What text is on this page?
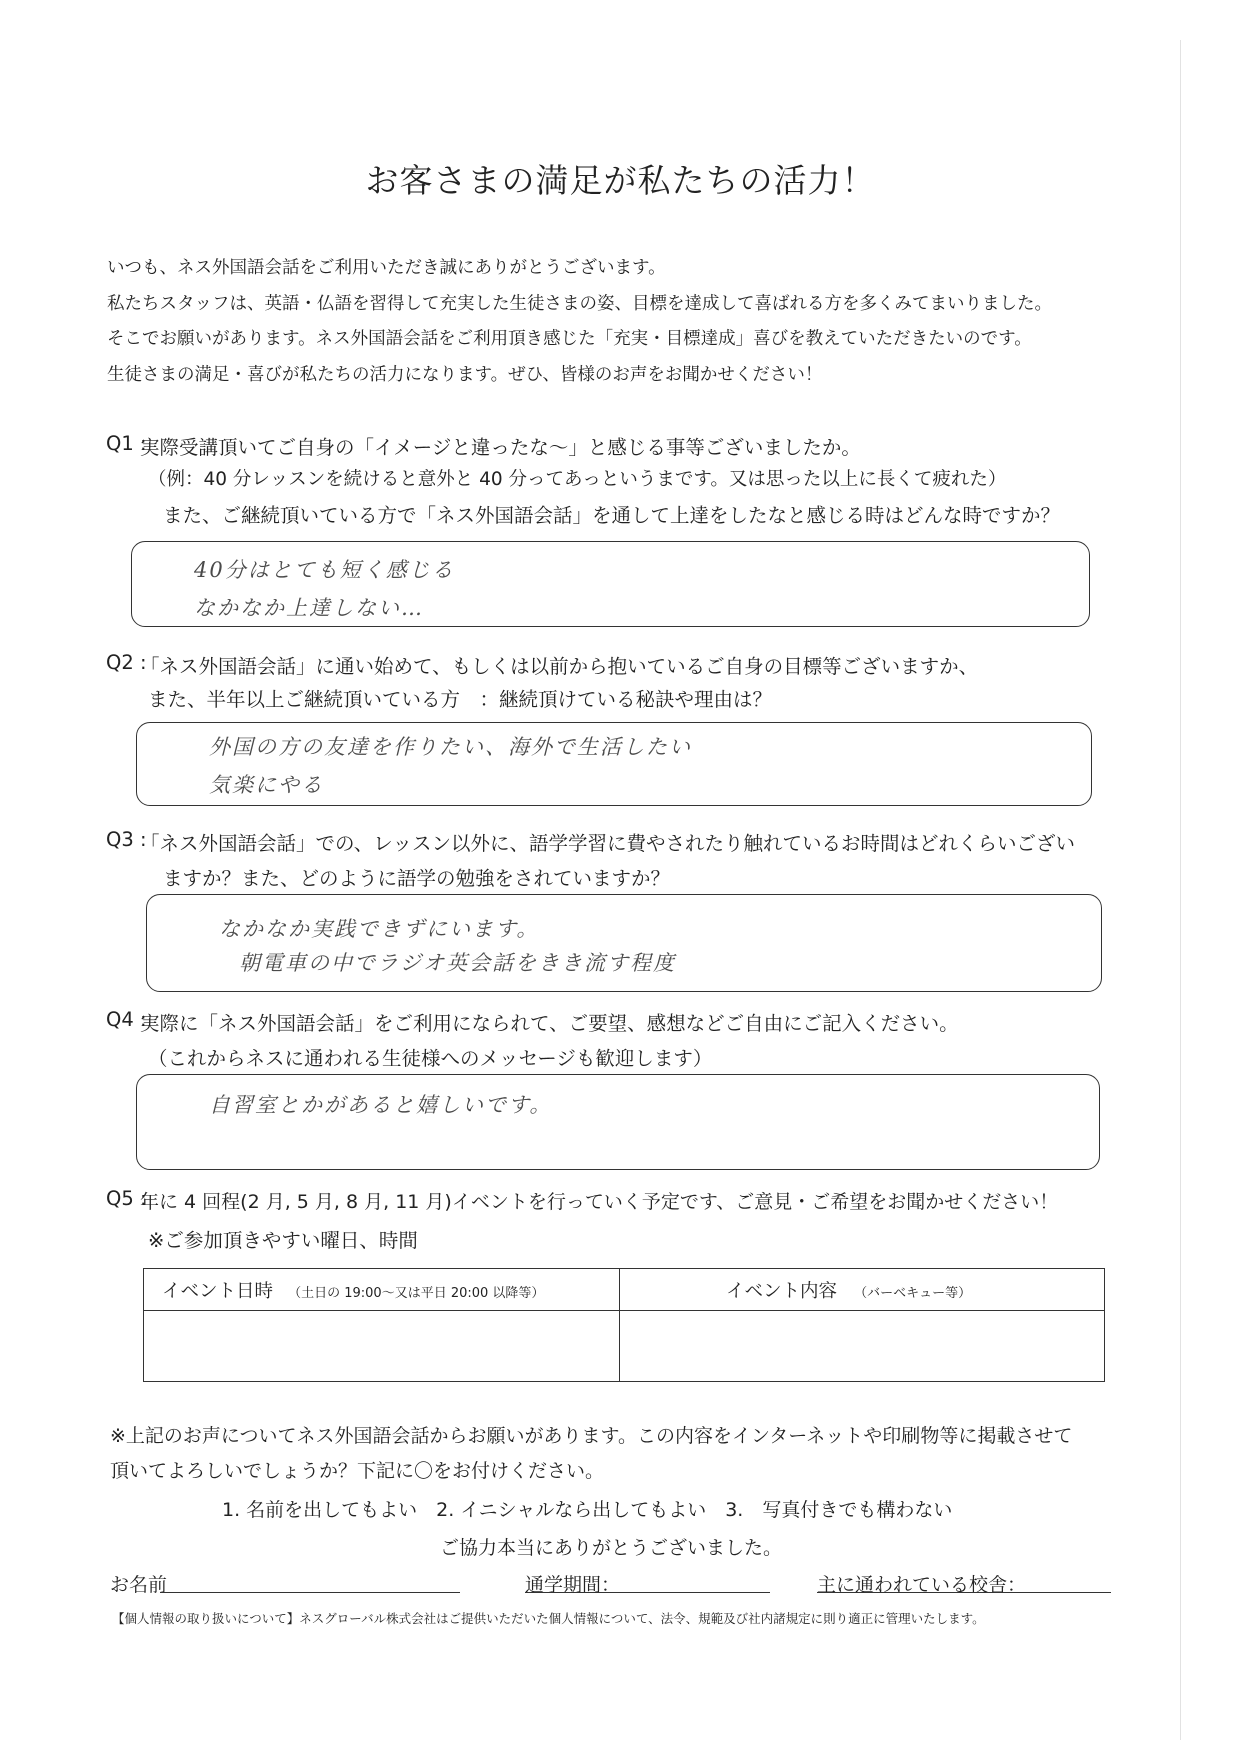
お客さまの満足が私たちの活力！
いつも、ネス外国語会話をご利用いただき誠にありがとうございます。
私たちスタッフは、英語・仏語を習得して充実した生徒さまの姿、目標を達成して喜ばれる方を多くみてまいりました。
そこでお願いがあります。ネス外国語会話をご利用頂き感じた「充実・目標達成」喜びを教えていただきたいのです。
生徒さまの満足・喜びが私たちの活力になります。ぜひ、皆様のお声をお聞かせください！
Q1 :
実際受講頂いてご自身の「イメージと違ったな～」と感じる事等ございましたか。
（例：40 分レッスンを続けると意外と 40 分ってあっというまです。又は思った以上に長くて疲れた）
また、ご継続頂いている方で「ネス外国語会話」を通して上達をしたなと感じる時はどんな時ですか？
40分はとても短く感じる
なかなか上達しない…
Q2 :
「ネス外国語会話」に通い始めて、もしくは以前から抱いているご自身の目標等ございますか、
また、半年以上ご継続頂いている方　：継続頂けている秘訣や理由は？
外国の方の友達を作りたい、海外で生活したい
気楽にやる
Q3 :
「ネス外国語会話」での、レッスン以外に、語学学習に費やされたり触れているお時間はどれくらいござい
ますか？また、どのように語学の勉強をされていますか？
なかなか実践できずにいます。
朝電車の中でラジオ英会話をきき流す程度
Q4 :
実際に「ネス外国語会話」をご利用になられて、ご要望、感想などご自由にご記入ください。
（これからネスに通われる生徒様へのメッセージも歓迎します）
自習室とかがあると嬉しいです。
Q5 :
年に 4 回程(2 月, 5 月, 8 月, 11 月)イベントを行っていく予定です、ご意見・ご希望をお聞かせください！
※ご参加頂きやすい曜日、時間
イベント日時 （土日の 19:00～又は平日 20:00 以降等）	イベント内容 （バーベキュー等）

※上記のお声についてネス外国語会話からお願いがあります。この内容をインターネットや印刷物等に掲載させて
頂いてよろしいでしょうか？下記に〇をお付けください。
1. 名前を出してもよい　2. イニシャルなら出してもよい　3.　写真付きでも構わない
ご協力本当にありがとうございました。
お名前	通学期間：	主に通われている校舎：
【個人情報の取り扱いについて】ネスグローバル株式会社はご提供いただいた個人情報について、法令、規範及び社内諸規定に則り適正に管理いたします。
